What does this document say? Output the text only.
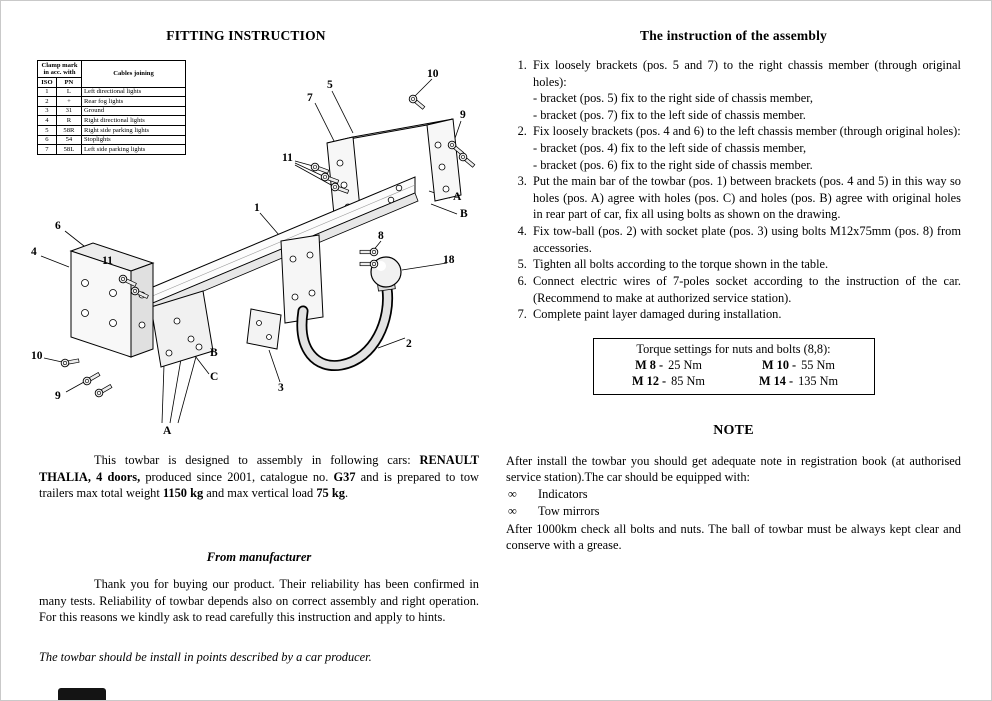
FITTING INSTRUCTION
Clamp mark in acc. with		Cables joining
ISO	PN	
1	L	Left directional lights
2	+	Rear fog lights
3	31	Ground
4	R	Right directional lights
5	58R	Right side parking lights
6	54	Stoplights
7	58L	Left side parking lights
10
5
7
9
11
1
6
8
18
4
11
A
B
2
10	B
C
3
9
A

This towbar is designed to assembly in following cars: RENAULT THALIA, 4 doors, produced since 2001, catalogue no. G37 and is prepared to tow trailers max total weight 1150 kg and max vertical load 75 kg.

From manufacturer

Thank you for buying our product. Their reliability has been confirmed in many tests. Reliability of towbar depends also on correct assembly and right operation. For this reasons we kindly ask to read carefully this instruction and apply to hints.

The towbar should be install in points described by a car producer.

The instruction of the assembly
1. Fix loosely brackets (pos. 5 and 7) to the right chassis member (through original holes):
- bracket (pos. 5) fix to the right side of chassis member,
- bracket (pos. 7) fix to the left side of chassis member.
2. Fix loosely brackets (pos. 4 and 6) to the left chassis member (through original holes):
- bracket (pos. 4) fix to the left side of chassis member,
- bracket (pos. 6) fix to the right side of chassis member.
3. Put the main bar of the towbar (pos. 1) between brackets (pos. 4 and 5) in this way so holes (pos. A) agree with holes (pos. C) and holes (pos. B) agree with original holes in rear part of car, fix all using bolts as shown on the drawing.
4. Fix tow-ball (pos. 2) with socket plate (pos. 3) using bolts M12x75mm (pos. 8) from accessories.
5. Tighten all bolts according to the torque shown in the table.
6. Connect electric wires of 7-poles socket according to the instruction of the car. (Recommend to make at authorized service station).
7. Complete paint layer damaged during installation.
Torque settings for nuts and bolts (8,8):
M 8 - 25 Nm	M 10 - 55 Nm
M 12 - 85 Nm	M 14 - 135 Nm
NOTE

After install the towbar you should get adequate note in registration book (at authorised service station).The car should be equipped with:

∞	Indicators
∞	Tow mirrors

After 1000km check all bolts and nuts. The ball of towbar must be always kept clear and conserve with a grease.
